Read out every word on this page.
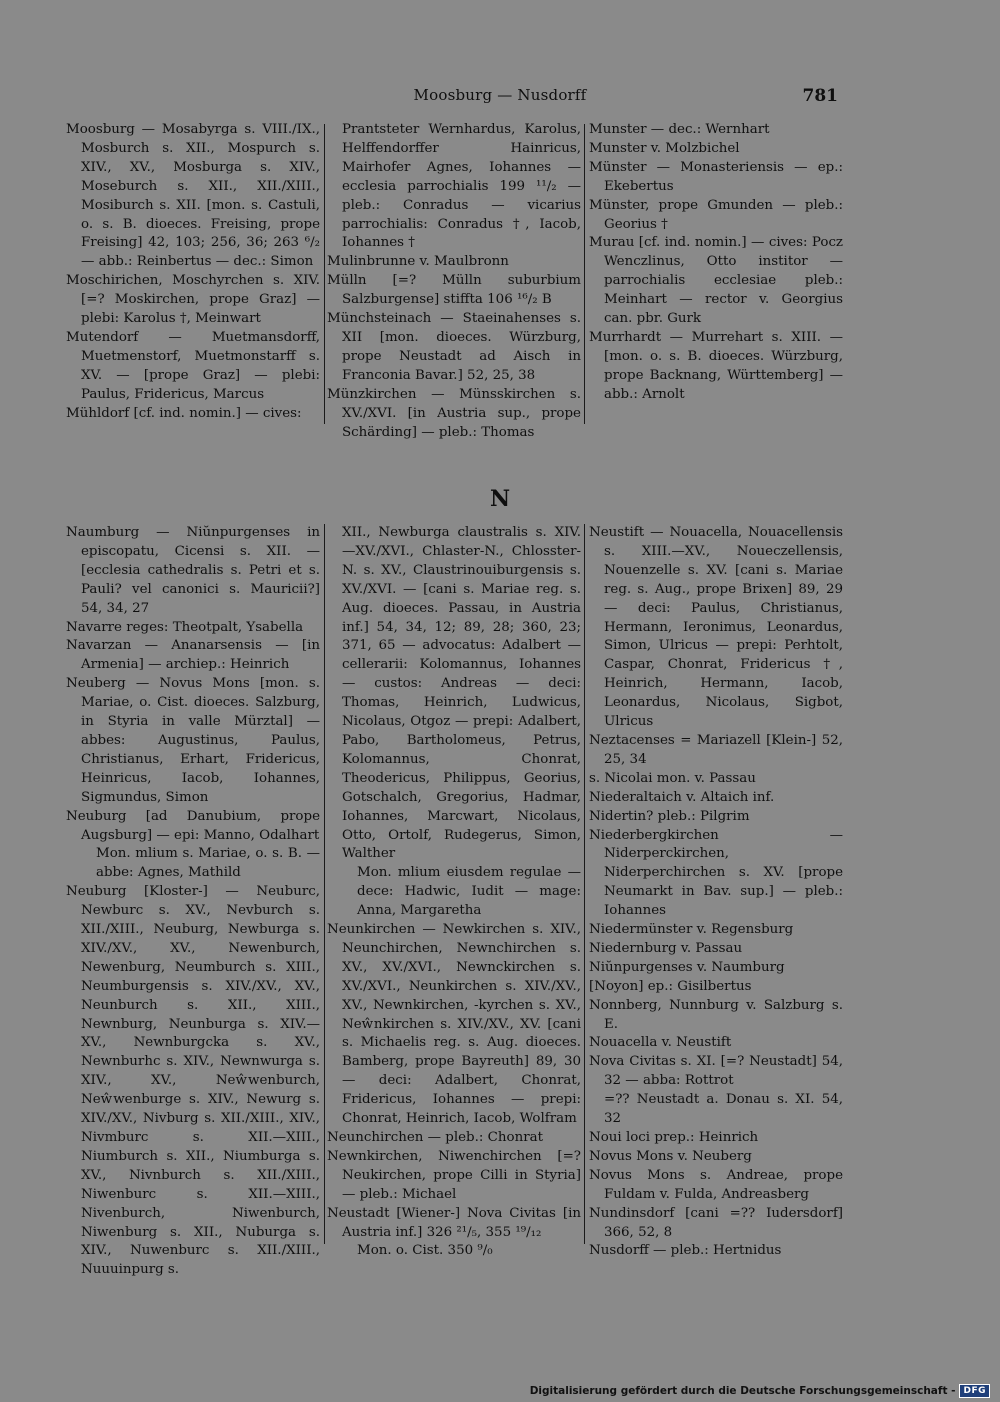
Moosburg — Nusdorff	781
Moosburg — Mosabyrga s. VIII./IX., Mosburch s. XII., Mospurch s. XIV., XV., Mosburga s. XIV., Moseburch s. XII., XII./XIII., Mosiburch s. XII. [mon. s. Castuli, o. s. B. dioeces. Freising, prope Freising] 42, 103; 256, 36; 263 ⁶/₂ — abb.: Reinbertus — dec.: Simon
Moschirichen, Moschyrchen s. XIV. [=? Moskirchen, prope Graz] — plebi: Karolus †, Meinwart
Mutendorf — Muetmansdorff, Muetmenstorf, Muetmonstarff s. XV. — [prope Graz] — plebi: Paulus, Fridericus, Marcus
Mühldorf [cf. ind. nomin.] — cives:
Prantsteter Wernhardus, Karolus, Helffendorffer Hainricus, Mairhofer Agnes, Iohannes — ecclesia parrochialis 199 ¹¹/₂ — pleb.: Conradus — vicarius parrochialis: Conradus †, Iacob, Iohannes †
Mulinbrunne v. Maulbronn
Mülln [=? Mülln suburbium Salzburgense] stiffta 106 ¹⁶/₂ B
Münchsteinach — Staeinahenses s. XII [mon. dioeces. Würzburg, prope Neustadt ad Aisch in Franconia Bavar.] 52, 25, 38
Münzkirchen — Münsskirchen s. XV./XVI. [in Austria sup., prope Schärding] — pleb.: Thomas
Munster — dec.: Wernhart
Munster v. Molzbichel
Münster — Monasteriensis — ep.: Ekebertus
Münster, prope Gmunden — pleb.: Georius †
Murau [cf. ind. nomin.] — cives: Pocz Wenczlinus, Otto institor — parrochialis ecclesiae pleb.: Meinhart — rector v. Georgius can. pbr. Gurk
Murrhardt — Murrehart s. XIII. — [mon. o. s. B. dioeces. Würzburg, prope Backnang, Württemberg] — abb.: Arnolt
N
Naumburg — Niŭnpurgenses in episcopatu, Cicensi s. XII. — [ecclesia cathedralis s. Petri et s. Pauli? vel canonici s. Mauricii?] 54, 34, 27
Navarre reges: Theotpalt, Ysabella
Navarzan — Ananarsensis — [in Armenia] — archiep.: Heinrich
Neuberg — Novus Mons [mon. s. Mariae, o. Cist. dioeces. Salzburg, in Styria in valle Mürztal] — abbes: Augustinus, Paulus, Christianus, Erhart, Fridericus, Heinricus, Iacob, Iohannes, Sigmundus, Simon
Neuburg [ad Danubium, prope Augsburg] — epi: Manno, Odalhart
Mon. mlium s. Mariae, o. s. B. — abbe: Agnes, Mathild
Neuburg [Kloster-] — Neuburc, Newburc s. XV., Nevburch s. XII./XIII., Neuburg, Newburga s. XIV./XV., XV., Newenburch, Newenburg, Neumburch s. XIII., Neumburgensis s. XIV./XV., XV., Neunburch s. XII., XIII., Newnburg, Neunburga s. XIV.—XV., Newnburgcka s. XV., Newnburhc s. XIV., Newnwurga s. XIV., XV., Neŵwenburch, Neŵwenburge s. XIV., Newurg s. XIV./XV., Nivburg s. XII./XIII., XIV., Nivmburc s. XII.—XIII., Niumburch s. XII., Niumburga s. XV., Nivnburch s. XII./XIII., Niwenburc s. XII.—XIII., Nivenburch, Niwenburch, Niwenburg s. XII., Nuburga s. XIV., Nuwenburc s. XII./XIII., Nuuuinpurg s.
XII., Newburga claustralis s. XIV. —XV./XVI., Chlaster-N., Chlosster-N. s. XV., Claustrinouiburgensis s. XV./XVI. — [cani s. Mariae reg. s. Aug. dioeces. Passau, in Austria inf.] 54, 34, 12; 89, 28; 360, 23; 371, 65 — advocatus: Adalbert — cellerarii: Kolomannus, Iohannes — custos: Andreas — deci: Thomas, Heinrich, Ludwicus, Nicolaus, Otgoz — prepi: Adalbert, Pabo, Bartholomeus, Petrus, Kolomannus, Chonrat, Theodericus, Philippus, Georius, Gotschalch, Gregorius, Hadmar, Iohannes, Marcwart, Nicolaus, Otto, Ortolf, Rudegerus, Simon, Walther
Mon. mlium eiusdem regulae — dece: Hadwic, Iudit — mage: Anna, Margaretha
Neunkirchen — Newkirchen s. XIV., Neunchirchen, Newnchirchen s. XV., XV./XVI., Newnckirchen s. XV./XVI., Neunkirchen s. XIV./XV., XV., Newnkirchen, -kyrchen s. XV., Neŵnkirchen s. XIV./XV., XV. [cani s. Michaelis reg. s. Aug. dioeces. Bamberg, prope Bayreuth] 89, 30 — deci: Adalbert, Chonrat, Fridericus, Iohannes — prepi: Chonrat, Heinrich, Iacob, Wolfram
Neunchirchen — pleb.: Chonrat
Newnkirchen, Niwenchirchen [=? Neukirchen, prope Cilli in Styria] — pleb.: Michael
Neustadt [Wiener-] Nova Civitas [in Austria inf.] 326 ²¹/₅, 355 ¹⁹/₁₂
Mon. o. Cist. 350 ⁹/₀
Neustift — Nouacella, Nouacellensis s. XIII.—XV., Noueczellensis, Nouenzelle s. XV. [cani s. Mariae reg. s. Aug., prope Brixen] 89, 29 — deci: Paulus, Christianus, Hermann, Ieronimus, Leonardus, Simon, Ulricus — prepi: Perhtolt, Caspar, Chonrat, Fridericus †, Heinrich, Hermann, Iacob, Leonardus, Nicolaus, Sigbot, Ulricus
Neztacenses = Mariazell [Klein-] 52, 25, 34
s. Nicolai mon. v. Passau
Niederaltaich v. Altaich inf.
Nidertin? pleb.: Pilgrim
Niederbergkirchen — Niderperckirchen, Niderperchirchen s. XV. [prope Neumarkt in Bav. sup.] — pleb.: Iohannes
Niedermünster v. Regensburg
Niedernburg v. Passau
Niŭnpurgenses v. Naumburg
[Noyon] ep.: Gisilbertus
Nonnberg, Nunnburg v. Salzburg s. E.
Nouacella v. Neustift
Nova Civitas s. XI. [=? Neustadt] 54, 32 — abba: Rottrot
=?? Neustadt a. Donau s. XI. 54, 32
Noui loci prep.: Heinrich
Novus Mons v. Neuberg
Novus Mons s. Andreae, prope Fuldam v. Fulda, Andreasberg
Nundinsdorf [cani =?? Iudersdorf] 366, 52, 8
Nusdorff — pleb.: Hertnidus
Digitalisierung gefördert durch die Deutsche Forschungsgemeinschaft - DFG
